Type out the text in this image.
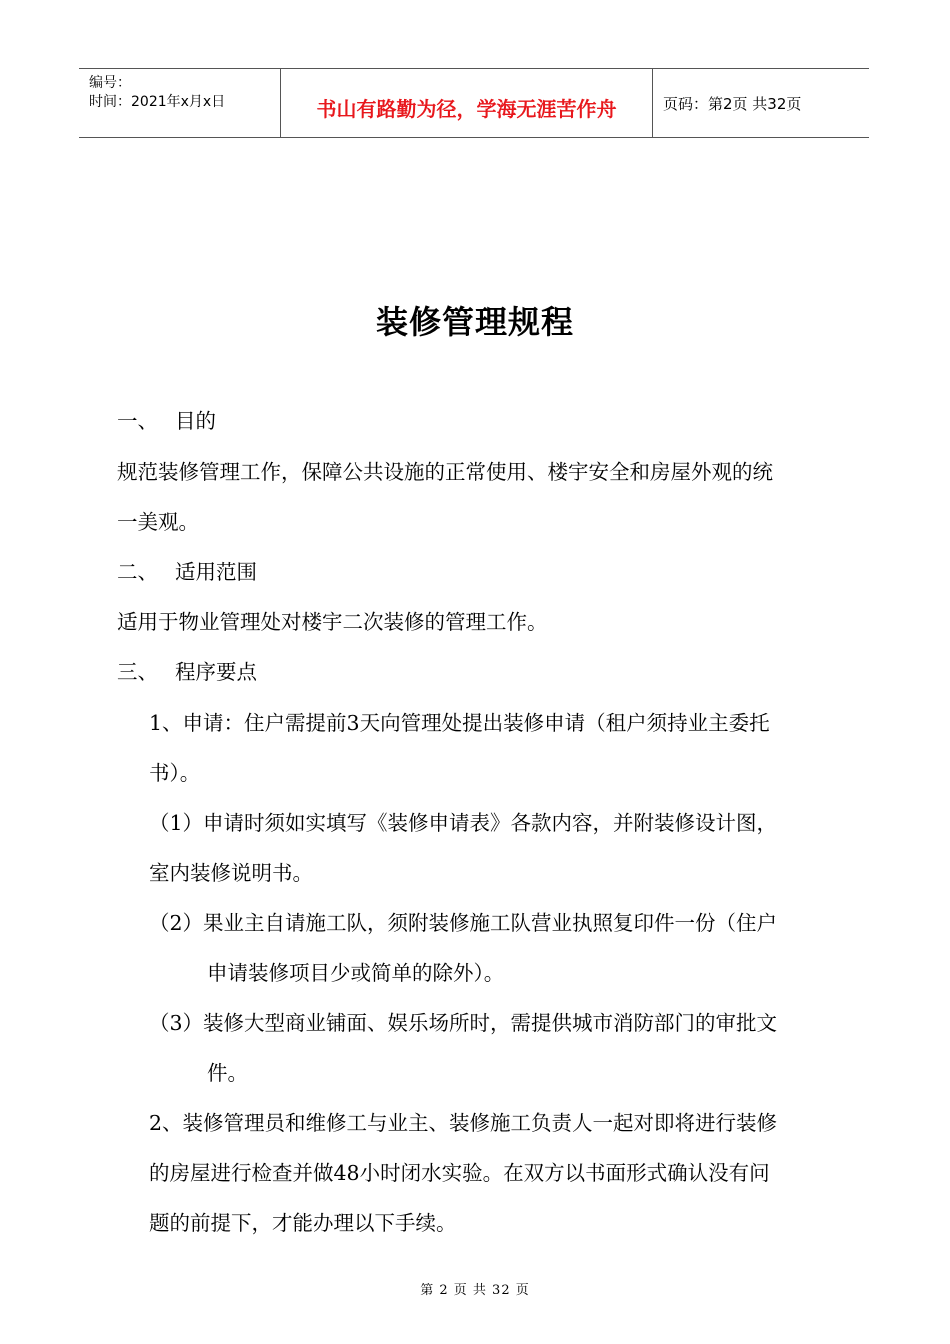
编号：
时间：2021年x月x日	书山有路勤为径，学海无涯苦作舟	页码：第2页 共32页
装修管理规程
一、 目的
规范装修管理工作，保障公共设施的正常使用、楼宇安全和房屋外观的统
一美观。
二、 适用范围
适用于物业管理处对楼宇二次装修的管理工作。
三、 程序要点
1、申请：住户需提前3天向管理处提出装修申请（租户须持业主委托
书）。
（1）申请时须如实填写《装修申请表》各款内容，并附装修设计图，
室内装修说明书。
（2）果业主自请施工队，须附装修施工队营业执照复印件一份（住户
申请装修项目少或简单的除外）。
（3）装修大型商业铺面、娱乐场所时，需提供城市消防部门的审批文
件。
2、装修管理员和维修工与业主、装修施工负责人一起对即将进行装修
的房屋进行检查并做48小时闭水实验。在双方以书面形式确认没有问
题的前提下，才能办理以下手续。
第 2 页 共 32 页
